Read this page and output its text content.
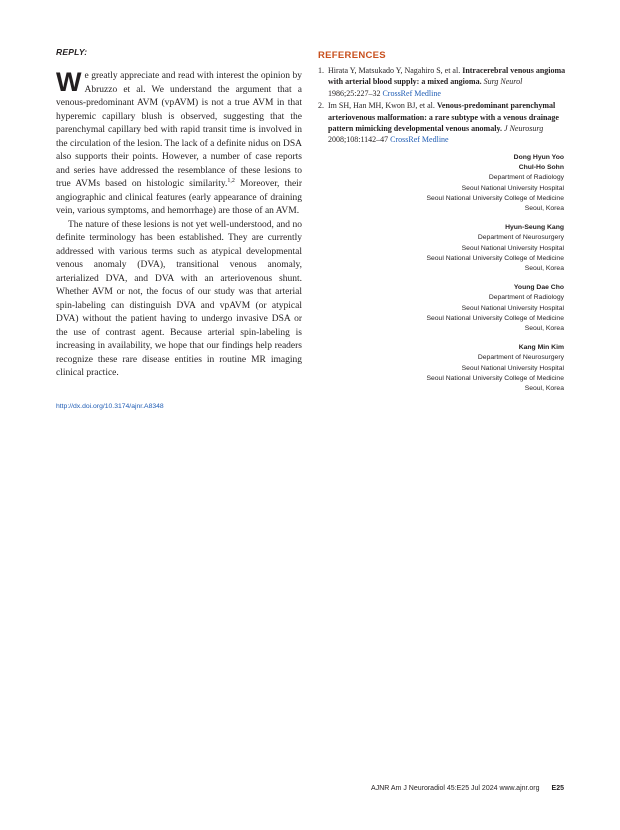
REPLY:

We greatly appreciate and read with interest the opinion by Abruzzo et al. We understand the argument that a venous-predominant AVM (vpAVM) is not a true AVM in that hyperemic capillary blush is observed, suggesting that the parenchymal capillary bed with rapid transit time is involved in the circulation of the lesion. The lack of a definite nidus on DSA also supports their points. However, a number of case reports and series have addressed the resemblance of these lesions to true AVMs based on histologic similarity.$^{1,2}$ Moreover, their angiographic and clinical features (early appearance of draining vein, various symptoms, and hemorrhage) are those of an AVM.

The nature of these lesions is not yet well-understood, and no definite terminology has been established. They are currently addressed with various terms such as atypical developmental venous anomaly (DVA), transitional venous anomaly, arterialized DVA, and DVA with an arteriovenous shunt. Whether AVM or not, the focus of our study was that arterial spin-labeling can distinguish DVA and vpAVM (or atypical DVA) without the patient having to undergo invasive DSA or the use of contrast agent. Because arterial spin-labeling is increasing in availability, we hope that our findings help readers recognize these rare disease entities in routine MR imaging clinical practice.

http://dx.doi.org/10.3174/ajnr.A8348
REFERENCES
1. Hirata Y, Matsukado Y, Nagahiro S, et al. Intracerebral venous angioma with arterial blood supply: a mixed angioma. Surg Neurol 1986;25:227–32 CrossRef Medline
2. Im SH, Han MH, Kwon BJ, et al. Venous-predominant parenchymal arteriovenous malformation: a rare subtype with a venous drainage pattern mimicking developmental venous anomaly. J Neurosurg 2008;108:1142–47 CrossRef Medline
Dong Hyun Yoo
Chul-Ho Sohn
Department of Radiology
Seoul National University Hospital
Seoul National University College of Medicine
Seoul, Korea
Hyun-Seung Kang
Department of Neurosurgery
Seoul National University Hospital
Seoul National University College of Medicine
Seoul, Korea
Young Dae Cho
Department of Radiology
Seoul National University Hospital
Seoul National University College of Medicine
Seoul, Korea
Kang Min Kim
Department of Neurosurgery
Seoul National University Hospital
Seoul National University College of Medicine
Seoul, Korea
AJNR Am J Neuroradiol 45:E25 Jul 2024 www.ajnr.org E25
